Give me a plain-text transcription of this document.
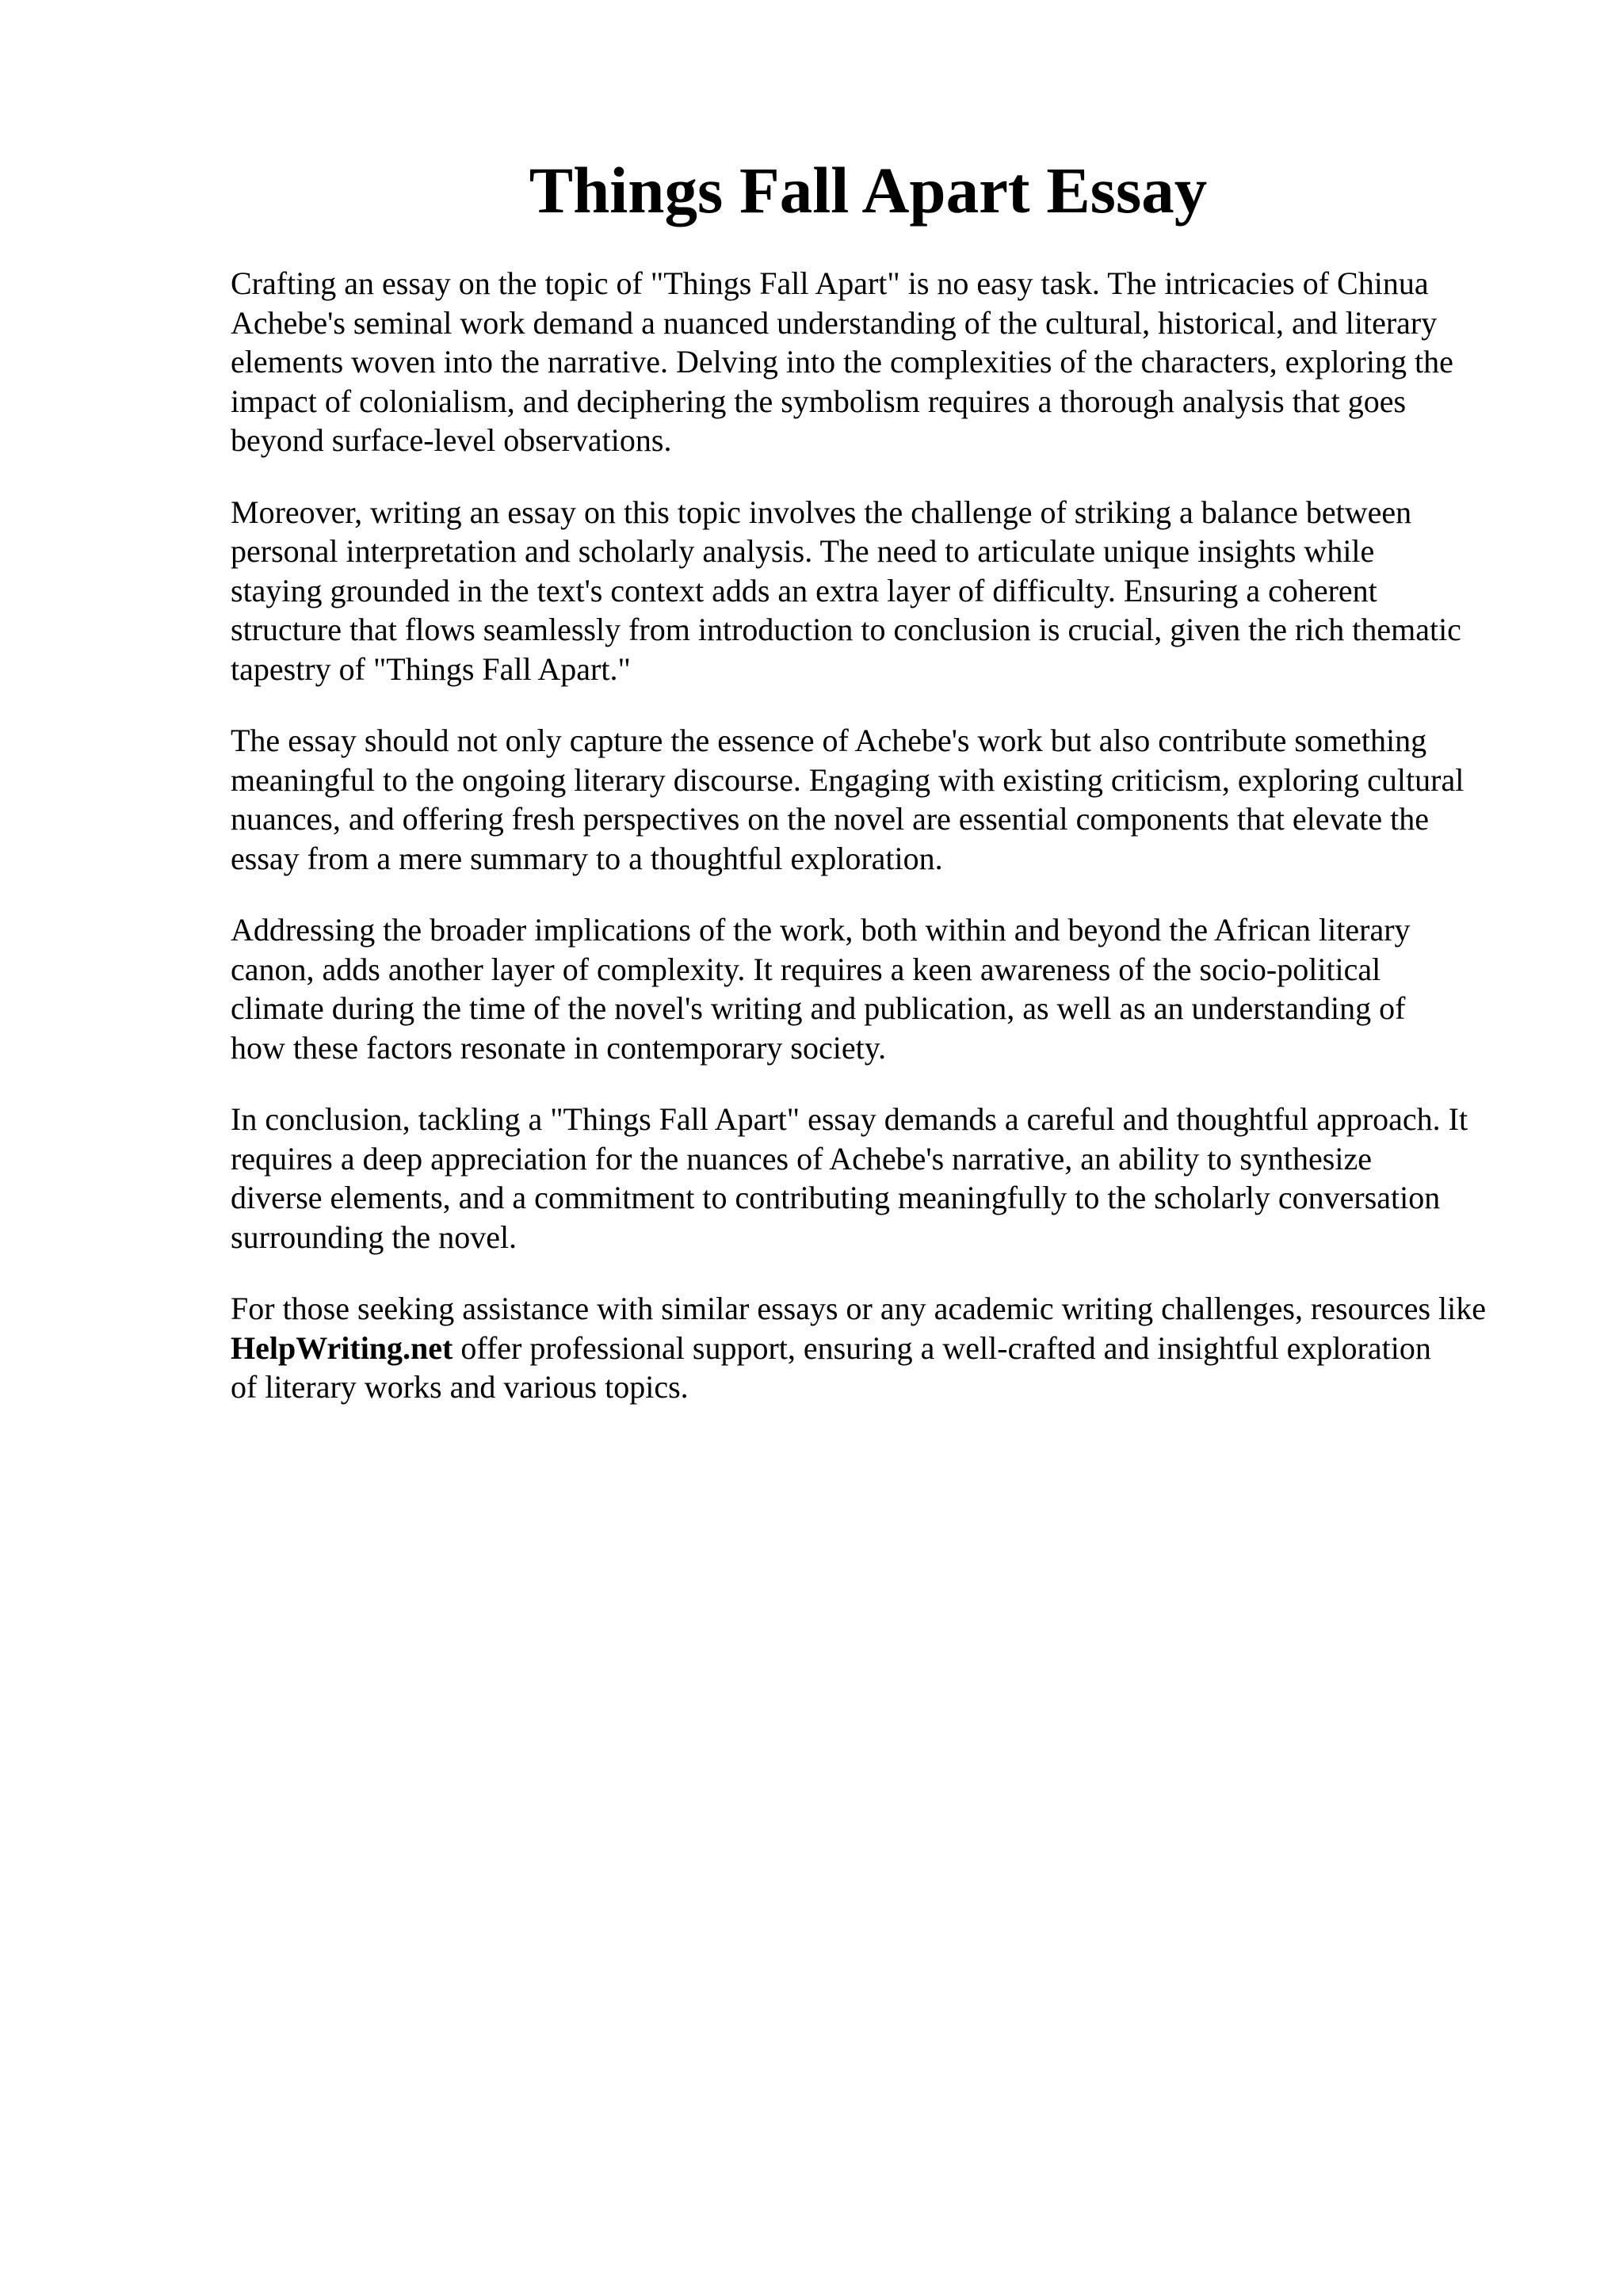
Things Fall Apart Essay

Crafting an essay on the topic of "Things Fall Apart" is no easy task. The intricacies of Chinua
Achebe's seminal work demand a nuanced understanding of the cultural, historical, and literary
elements woven into the narrative. Delving into the complexities of the characters, exploring the
impact of colonialism, and deciphering the symbolism requires a thorough analysis that goes
beyond surface-level observations.

Moreover, writing an essay on this topic involves the challenge of striking a balance between
personal interpretation and scholarly analysis. The need to articulate unique insights while
staying grounded in the text's context adds an extra layer of difficulty. Ensuring a coherent
structure that flows seamlessly from introduction to conclusion is crucial, given the rich thematic
tapestry of "Things Fall Apart."

The essay should not only capture the essence of Achebe's work but also contribute something
meaningful to the ongoing literary discourse. Engaging with existing criticism, exploring cultural
nuances, and offering fresh perspectives on the novel are essential components that elevate the
essay from a mere summary to a thoughtful exploration.

Addressing the broader implications of the work, both within and beyond the African literary
canon, adds another layer of complexity. It requires a keen awareness of the socio-political
climate during the time of the novel's writing and publication, as well as an understanding of
how these factors resonate in contemporary society.

In conclusion, tackling a "Things Fall Apart" essay demands a careful and thoughtful approach. It
requires a deep appreciation for the nuances of Achebe's narrative, an ability to synthesize
diverse elements, and a commitment to contributing meaningfully to the scholarly conversation
surrounding the novel.

For those seeking assistance with similar essays or any academic writing challenges, resources like
HelpWriting.net offer professional support, ensuring a well-crafted and insightful exploration
of literary works and various topics.
